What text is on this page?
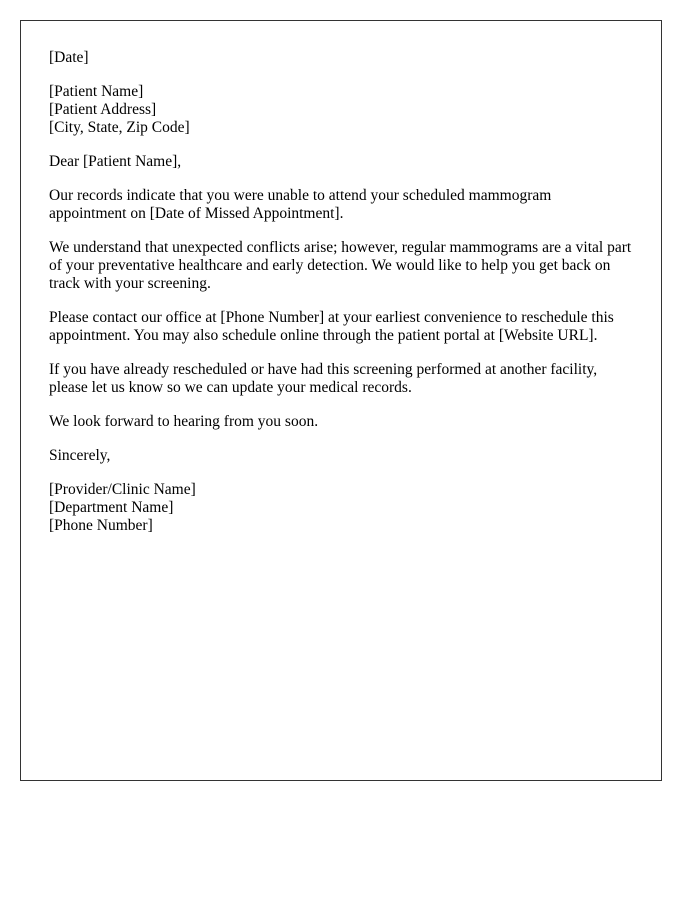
[Date]

[Patient Name]
[Patient Address]
[City, State, Zip Code]

Dear [Patient Name],

Our records indicate that you were unable to attend your scheduled mammogram appointment on [Date of Missed Appointment].

We understand that unexpected conflicts arise; however, regular mammograms are a vital part of your preventative healthcare and early detection. We would like to help you get back on track with your screening.

Please contact our office at [Phone Number] at your earliest convenience to reschedule this appointment. You may also schedule online through the patient portal at [Website URL].

If you have already rescheduled or have had this screening performed at another facility, please let us know so we can update your medical records.

We look forward to hearing from you soon.

Sincerely,

[Provider/Clinic Name]
[Department Name]
[Phone Number]
